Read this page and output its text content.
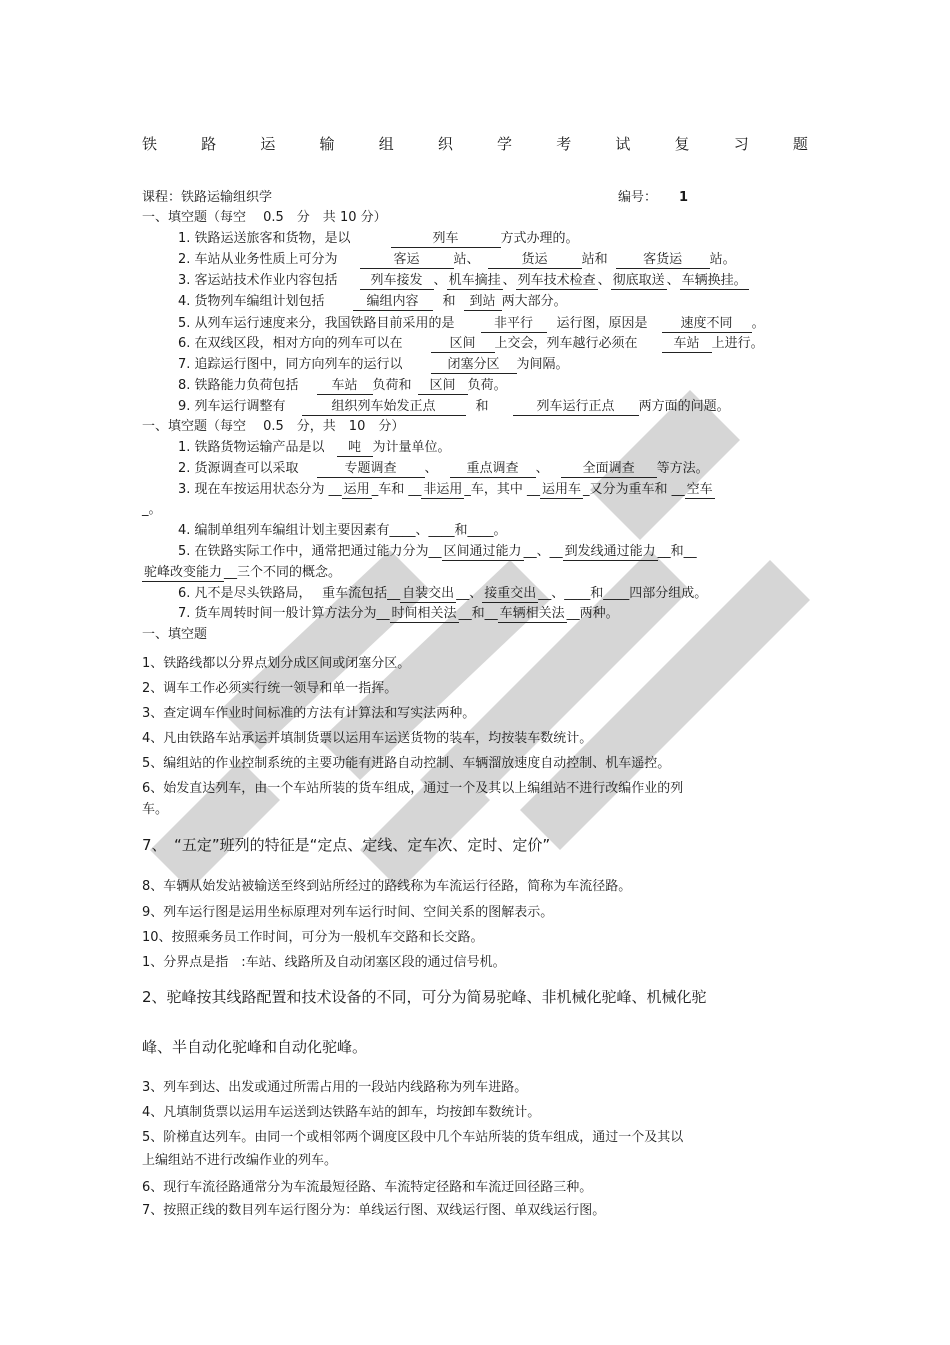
铁	路	运	输	组	织	学	考	试	复	习	题
课程：铁路运输组织学	编号： 1
一、填空题（每空　 0.5　分　共 10 分）
1. 铁路运送旅客和货物，是以	列车	方式办理的。
2. 车站从业务性质上可分为	客运	站、	货运	站和	客货运 站。
3. 客运站技术作业内容包括	列车接发 、 机车摘挂 、 列车技术检查 、 彻底取送 、 车辆换挂。
4. 货物列车编组计划包括	编组内容 和 到站 两大部分。
5. 从列车运行速度来分，我国铁路目前采用的是	非平行 运行图，原因是	速度不同 。
6. 在双线区段，相对方向的列车可以在	区间 上交会，列车越行必须在	车站 上进行。
7. 追踪运行图中，同方向列车的运行以	闭塞分区 为间隔。
8. 铁路能力负荷包括	车站 负荷和 区间 负荷。
9. 列车运行调整有	组织列车始发正点	和	列车运行正点 两方面的问题。
一、填空题（每空　 0.5　分，共　10　分）
1. 铁路货物运输产品是以 吨 为计量单位。
2. 货源调查可以采取	专题调查 、 重点调查 、	全面调查 等方法。
3. 现在车按运用状态分为 __ 运用 _车和 __ 非运用 _车，其中 __ 运用车 _又分为重车和 __ 空车
_。
4. 编制单组列车编组计划主要因素有____、____和____。
5. 在铁路实际工作中，通常把通过能力分为__ 区间通过能力 __、__ 到发线通过能力 __和__
驼峰改变能力 __三个不同的概念。
6. 凡不是尽头铁路局，　 重车流包括__ 自装交出 __、 接重交出 __、____和____四部分组成。
7. 货车周转时间一般计算方法分为__ 时间相关法 __和__ 车辆相关法 __两种。
一、填空题
1、铁路线都以分界点划分成区间或闭塞分区。
2、调车工作必须实行统一领导和单一指挥。
3、查定调车作业时间标准的方法有计算法和写实法两种。
4、凡由铁路车站承运并填制货票以运用车运送货物的装车，均按装车数统计。
5、编组站的作业控制系统的主要功能有进路自动控制、车辆溜放速度自动控制、机车遥控。
6、始发直达列车，由一个车站所装的货车组成，通过一个及其以上编组站不进行改编作业的列
车。
7、　“五定”班列的特征是“定点、定线、定车次、定时、定价”
8、车辆从始发站被输送至终到站所经过的路线称为车流运行径路，简称为车流径路。
9、列车运行图是运用坐标原理对列车运行时间、空间关系的图解表示。
10、按照乘务员工作时间，可分为一般机车交路和长交路。
1、分界点是指　:车站、线路所及自动闭塞区段的通过信号机。
2、驼峰按其线路配置和技术设备的不同，可分为简易驼峰、非机械化驼峰、机械化驼
峰、半自动化驼峰和自动化驼峰。
3、列车到达、出发或通过所需占用的一段站内线路称为列车进路。
4、凡填制货票以运用车运送到达铁路车站的卸车，均按卸车数统计。
5、阶梯直达列车。由同一个或相邻两个调度区段中几个车站所装的货车组成，通过一个及其以
上编组站不进行改编作业的列车。
6、现行车流径路通常分为车流最短径路、车流特定径路和车流迂回径路三种。
7、按照正线的数目列车运行图分为：单线运行图、双线运行图、单双线运行图。
